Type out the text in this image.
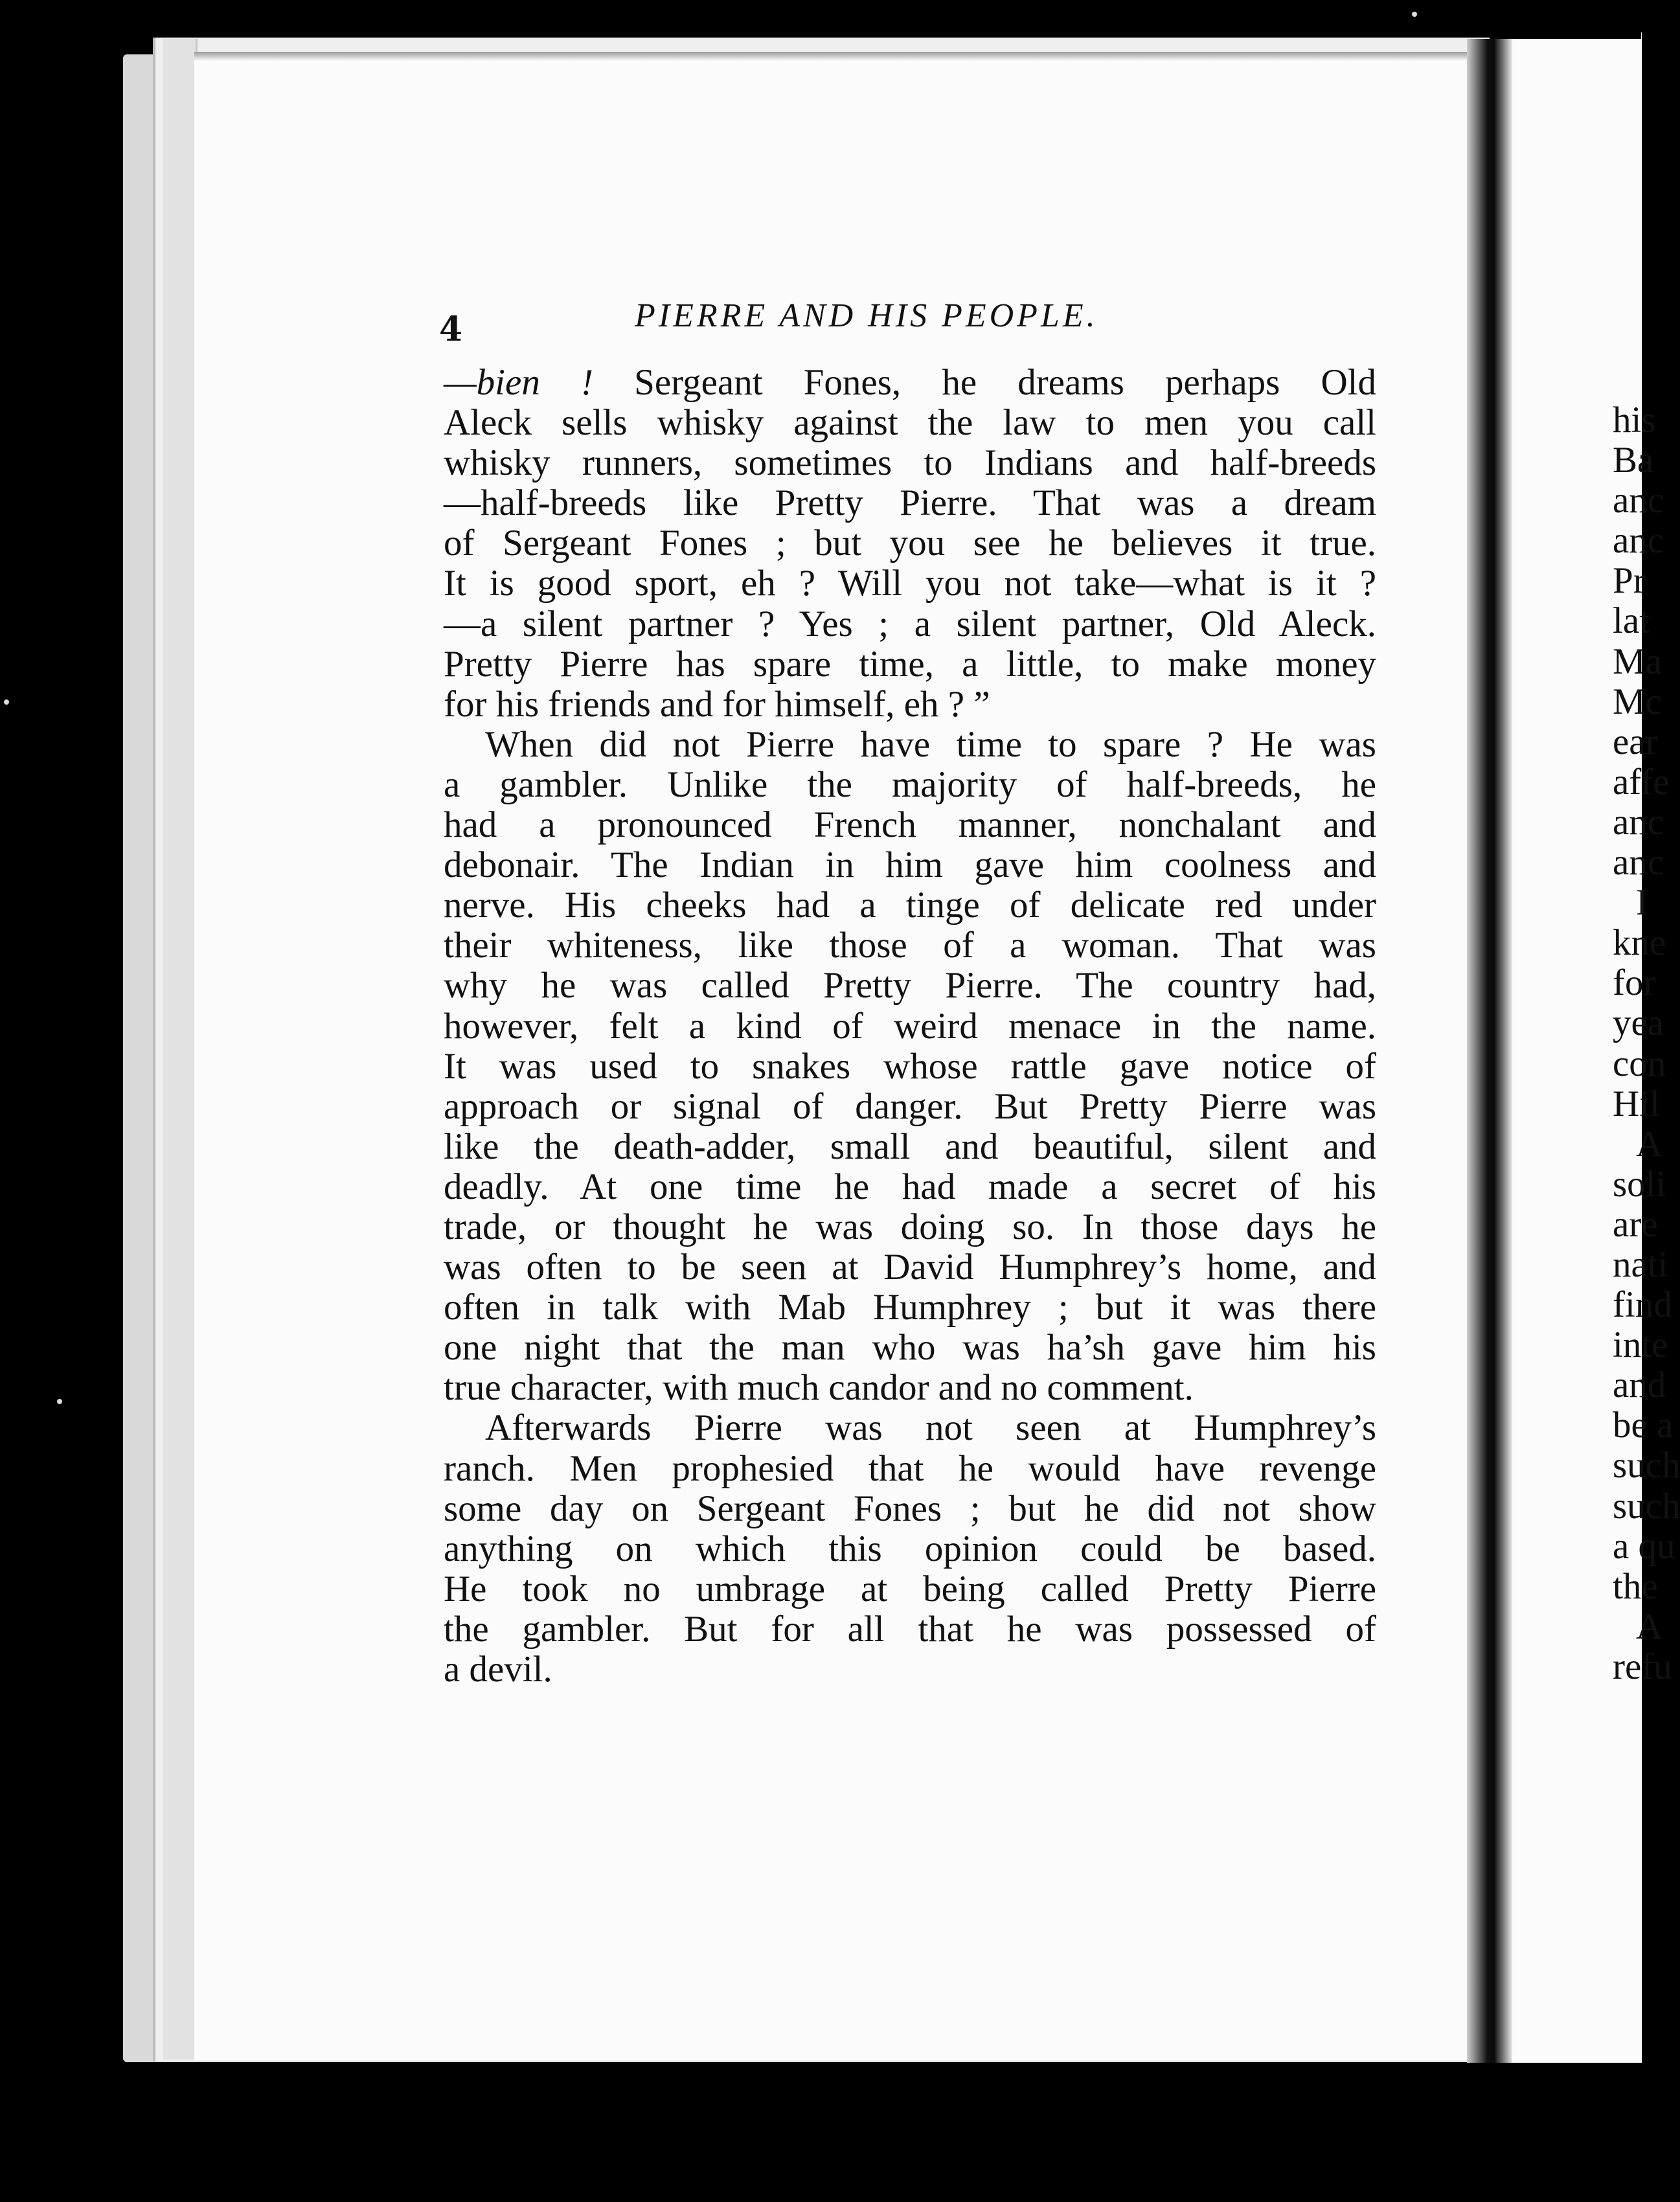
4	PIERRE AND HIS PEOPLE.
—bien ! Sergeant Fones, he dreams perhaps Old
Aleck sells whisky against the law to men you call
whisky runners, sometimes to Indians and half-breeds
—half-breeds like Pretty Pierre. That was a dream
of Sergeant Fones ; but you see he believes it true.
It is good sport, eh ? Will you not take—what is it ?
—a silent partner ? Yes ; a silent partner, Old Aleck.
Pretty Pierre has spare time, a little, to make money
for his friends and for himself, eh ? ”
When did not Pierre have time to spare ? He was
a gambler. Unlike the majority of half-breeds, he
had a pronounced French manner, nonchalant and
debonair. The Indian in him gave him coolness and
nerve. His cheeks had a tinge of delicate red under
their whiteness, like those of a woman. That was
why he was called Pretty Pierre. The country had,
however, felt a kind of weird menace in the name.
It was used to snakes whose rattle gave notice of
approach or signal of danger. But Pretty Pierre was
like the death-adder, small and beautiful, silent and
deadly. At one time he had made a secret of his
trade, or thought he was doing so. In those days he
was often to be seen at David Humphrey’s home, and
often in talk with Mab Humphrey ; but it was there
one night that the man who was ha’sh gave him his
true character, with much candor and no comment.
Afterwards Pierre was not seen at Humphrey’s
ranch. Men prophesied that he would have revenge
some day on Sergeant Fones ; but he did not show
anything on which this opinion could be based.
He took no umbrage at being called Pretty Pierre
the gambler. But for all that he was possessed of
a devil.
his
Ba
anc
anc
Pr
lat
Ma
Mc
ear
affe
anc
anc
I
kne
for
yea
con
Hil
A
soli
are
nati
find
inte
and
be a
such
such
a qu
the
A
refu
